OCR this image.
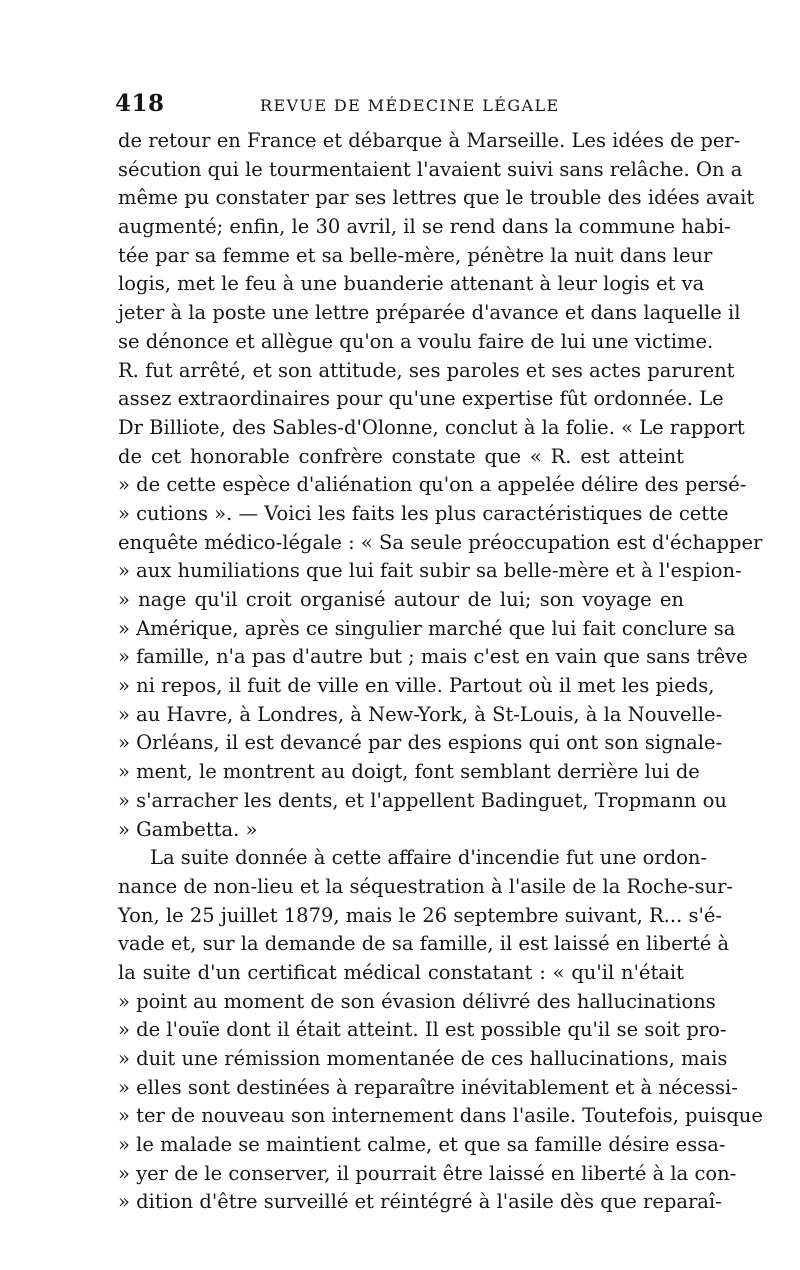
418	REVUE DE MÉDECINE LÉGALE
de retour en France et débarque à Marseille. Les idées de per-
sécution qui le tourmentaient l'avaient suivi sans relâche. On a
même pu constater par ses lettres que le trouble des idées avait
augmenté; enfin, le 30 avril, il se rend dans la commune habi-
tée par sa femme et sa belle-mère, pénètre la nuit dans leur
logis, met le feu à une buanderie attenant à leur logis et va
jeter à la poste une lettre préparée d'avance et dans laquelle il
se dénonce et allègue qu'on a voulu faire de lui une victime.
R. fut arrêté, et son attitude, ses paroles et ses actes parurent
assez extraordinaires pour qu'une expertise fût ordonnée. Le
Dr Billiote, des Sables-d'Olonne, conclut à la folie. « Le rapport
de cet honorable confrère constate que « R. est atteint
» de cette espèce d'aliénation qu'on a appelée délire des persé-
» cutions ». — Voici les faits les plus caractéristiques de cette
enquête médico-légale : « Sa seule préoccupation est d'échapper
» aux humiliations que lui fait subir sa belle-mère et à l'espion-
» nage qu'il croit organisé autour de lui; son voyage en
» Amérique, après ce singulier marché que lui fait conclure sa
» famille, n'a pas d'autre but ; mais c'est en vain que sans trêve
» ni repos, il fuit de ville en ville. Partout où il met les pieds,
» au Havre, à Londres, à New-York, à St-Louis, à la Nouvelle-
» Orléans, il est devancé par des espions qui ont son signale-
» ment, le montrent au doigt, font semblant derrière lui de
» s'arracher les dents, et l'appellent Badinguet, Tropmann ou
» Gambetta. »
La suite donnée à cette affaire d'incendie fut une ordon-
nance de non-lieu et la séquestration à l'asile de la Roche-sur-
Yon, le 25 juillet 1879, mais le 26 septembre suivant, R... s'é-
vade et, sur la demande de sa famille, il est laissé en liberté à
la suite d'un certificat médical constatant : « qu'il n'était
» point au moment de son évasion délivré des hallucinations
» de l'ouïe dont il était atteint. Il est possible qu'il se soit pro-
» duit une rémission momentanée de ces hallucinations, mais
» elles sont destinées à reparaître inévitablement et à nécessi-
» ter de nouveau son internement dans l'asile. Toutefois, puisque
» le malade se maintient calme, et que sa famille désire essa-
» yer de le conserver, il pourrait être laissé en liberté à la con-
» dition d'être surveillé et réintégré à l'asile dès que reparaî-
